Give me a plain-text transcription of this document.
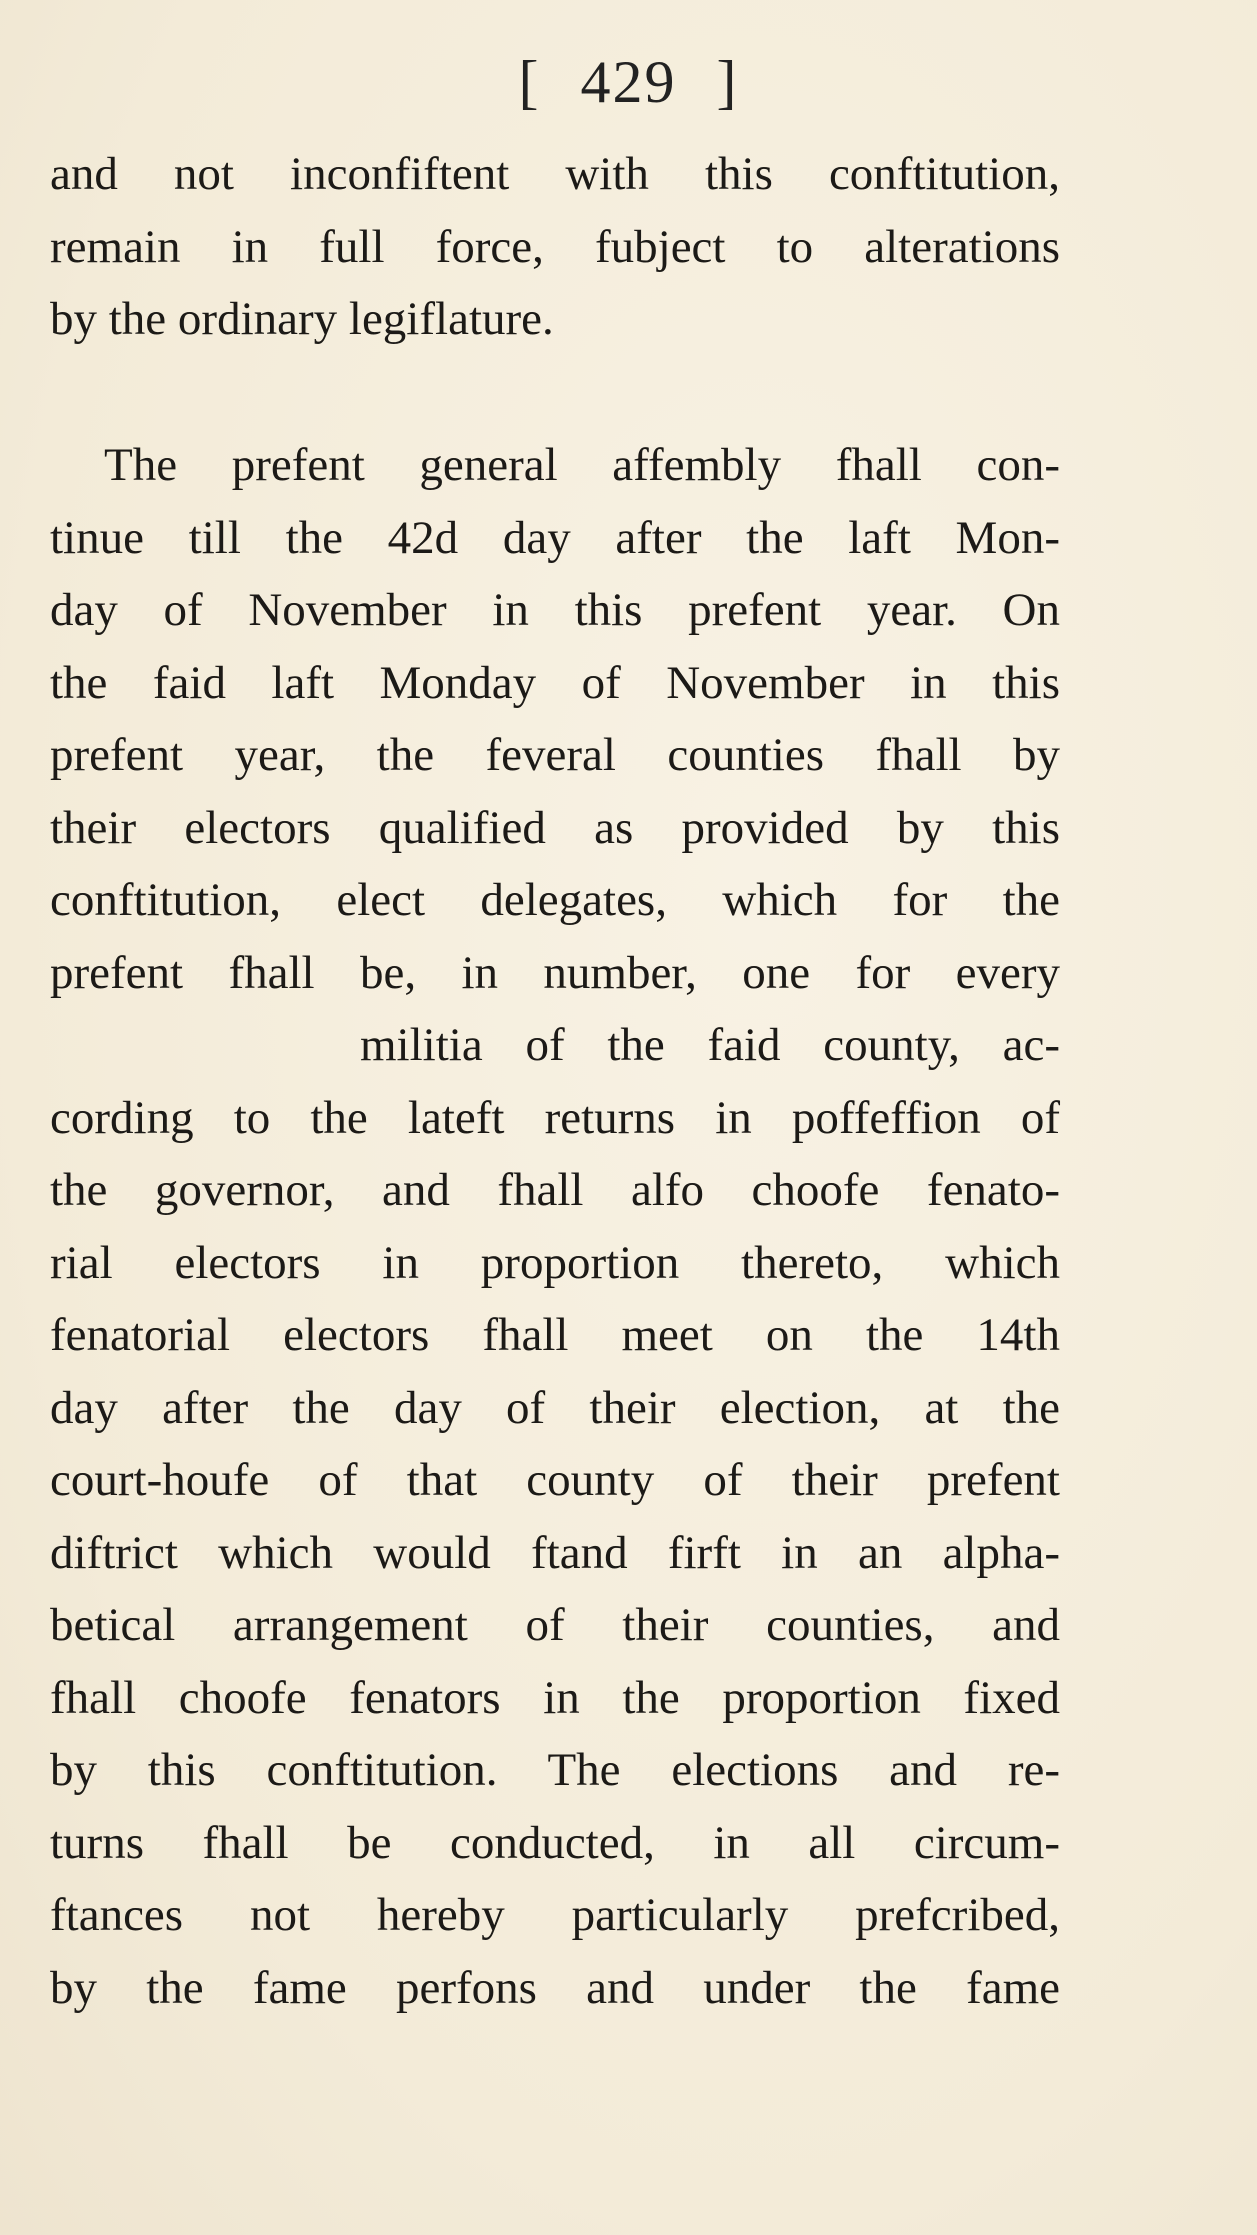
[ 429 ]
and not inconfiftent with this conftitution,
remain in full force, fubject to alterations
by the ordinary legiflature.
The prefent general affembly fhall con-
tinue till the 42d day after the laft Mon-
day of November in this prefent year. On
the faid laft Monday of November in this
prefent year, the feveral counties fhall by
their electors qualified as provided by this
conftitution, elect delegates, which for the
prefent fhall be, in number, one for every
militia of the faid county, ac-
cording to the lateft returns in poffeffion of
the governor, and fhall alfo choofe fenato-
rial electors in proportion thereto, which
fenatorial electors fhall meet on the 14th
day after the day of their election, at the
court-houfe of that county of their prefent
diftrict which would ftand firft in an alpha-
betical arrangement of their counties, and
fhall choofe fenators in the proportion fixed
by this conftitution. The elections and re-
turns fhall be conducted, in all circum-
ftances not hereby particularly prefcribed,
by the fame perfons and under the fame
